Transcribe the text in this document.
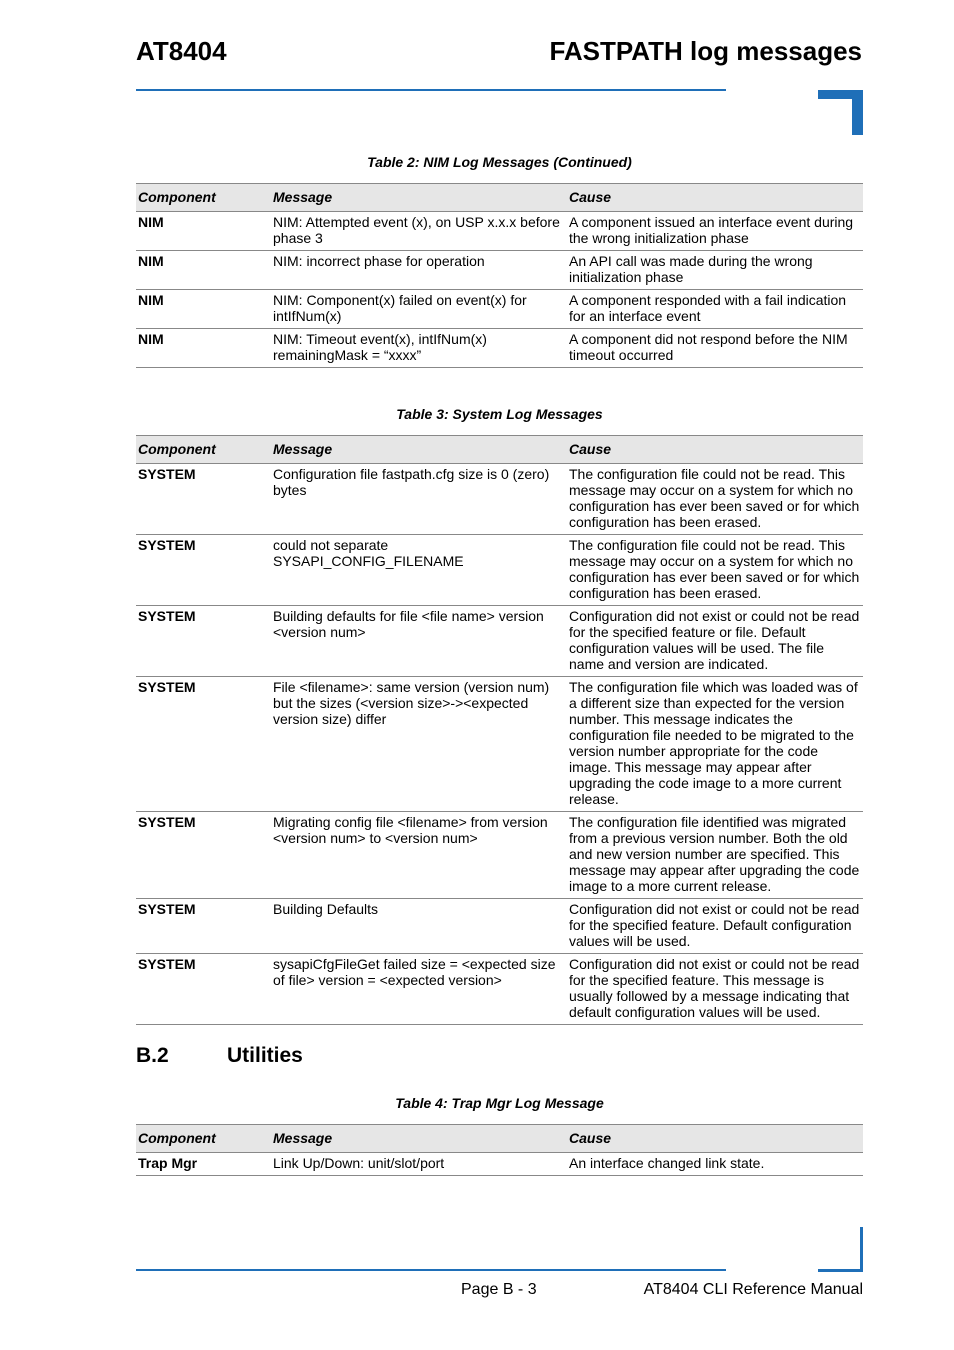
AT8404	FASTPATH log messages
Table 2: NIM Log Messages (Continued)
Component	Message	Cause
NIM	NIM: Attempted event (x), on USP x.x.x before phase 3	A component issued an interface event during the wrong initialization phase
NIM	NIM: incorrect phase for operation	An API call was made during the wrong initialization phase
NIM	NIM: Component(x) failed on event(x) for intIfNum(x)	A component responded with a fail indication for an interface event
NIM	NIM: Timeout event(x), intIfNum(x) remainingMask = “xxxx”	A component did not respond before the NIM timeout occurred
Table 3: System Log Messages
Component	Message	Cause
SYSTEM	Configuration file fastpath.cfg size is 0 (zero) bytes	The configuration file could not be read. This message may occur on a system for which no configuration has ever been saved or for which configuration has been erased.
SYSTEM	could not separate SYSAPI_CONFIG_FILENAME	The configuration file could not be read. This message may occur on a system for which no configuration has ever been saved or for which configuration has been erased.
SYSTEM	Building defaults for file <file name> version <version num>	Configuration did not exist or could not be read for the specified feature or file. Default configuration values will be used. The file name and version are indicated.
SYSTEM	File <filename>: same version (version num) but the sizes (<version size>-><expected version size) differ	The configuration file which was loaded was of a different size than expected for the version number. This message indicates the configuration file needed to be migrated to the version number appropriate for the code image. This message may appear after upgrading the code image to a more current release.
SYSTEM	Migrating config file <filename> from version <version num> to <version num>	The configuration file identified was migrated from a previous version number. Both the old and new version number are specified. This message may appear after upgrading the code image to a more current release.
SYSTEM	Building Defaults	Configuration did not exist or could not be read for the specified feature. Default configuration values will be used.
SYSTEM	sysapiCfgFileGet failed size = <expected size of file> version = <expected version>	Configuration did not exist or could not be read for the specified feature. This message is usually followed by a message indicating that default configuration values will be used.
B.2	Utilities
Table 4: Trap Mgr Log Message
Component	Message	Cause
Trap Mgr	Link Up/Down: unit/slot/port	An interface changed link state.
Page B - 3	AT8404 CLI Reference Manual
